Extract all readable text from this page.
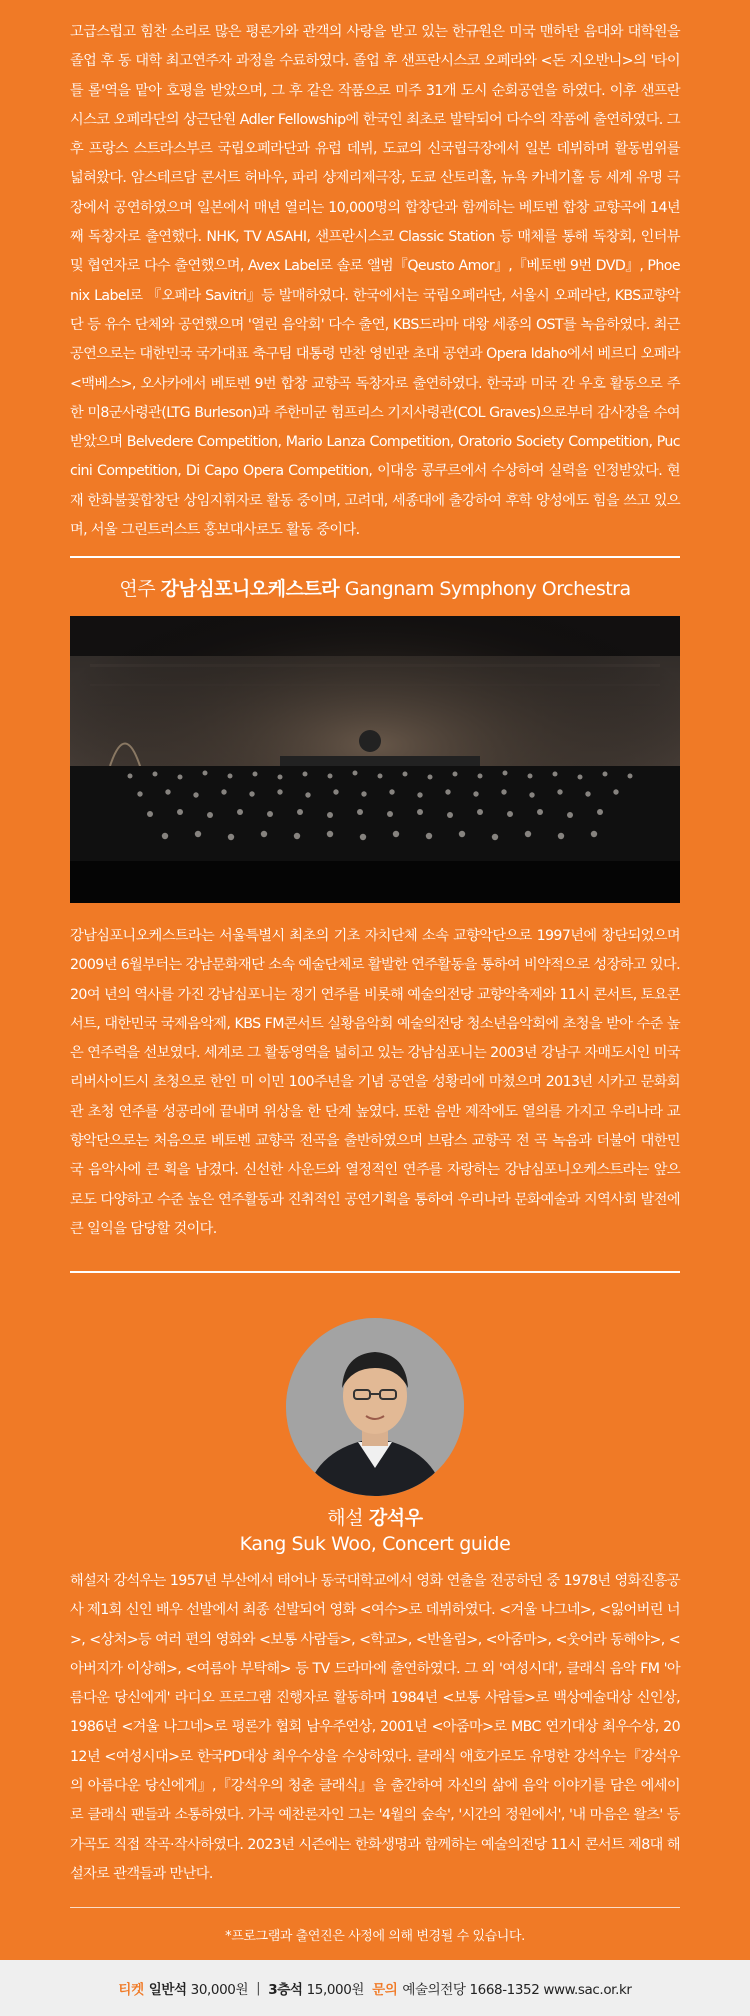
고급스럽고 힘찬 소리로 많은 평론가와 관객의 사랑을 받고 있는 한규원은 미국 맨하탄 음대와 대학원을 졸업 후 동 대학 최고연주자 과정을 수료하였다. 졸업 후 샌프란시스코 오페라와 <돈 지오반니>의 '타이틀 롤'역을 맡아 호평을 받았으며, 그 후 같은 작품으로 미주 31개 도시 순회공연을 하였다. 이후 샌프란시스코 오페라단의 상근단원 Adler Fellowship에 한국인 최초로 발탁되어 다수의 작품에 출연하였다. 그 후 프랑스 스트라스부르 국립오페라단과 유럽 데뷔, 도쿄의 신국립극장에서 일본 데뷔하며 활동범위를 넓혀왔다. 암스테르담 콘서트 허바우, 파리 샹제리제극장, 도쿄 산토리홀, 뉴욕 카네기홀 등 세계 유명 극장에서 공연하였으며 일본에서 매년 열리는 10,000명의 합창단과 함께하는 베토벤 합창 교향곡에 14년째 독창자로 출연했다. NHK, TV ASAHI, 샌프란시스코 Classic Station 등 매체를 통해 독창회, 인터뷰 및 협연자로 다수 출연했으며, Avex Label로 솔로 앨범『Qeusto Amor』,『베토벤 9번 DVD』, Phoenix Label로 『오페라 Savitri』등 발매하였다. 한국에서는 국립오페라단, 서울시 오페라단, KBS교향악단 등 유수 단체와 공연했으며 '열린 음악회' 다수 출연, KBS드라마 대왕 세종의 OST를 녹음하였다. 최근 공연으로는 대한민국 국가대표 축구팀 대통령 만찬 영빈관 초대 공연과 Opera Idaho에서 베르디 오페라 <맥베스>, 오사카에서 베토벤 9번 합창 교향곡 독창자로 출연하였다. 한국과 미국 간 우호 활동으로 주한 미8군사령관(LTG Burleson)과 주한미군 험프리스 기지사령관(COL Graves)으로부터 감사장을 수여받았으며 Belvedere Competition, Mario Lanza Competition, Oratorio Society Competition, Puccini Competition, Di Capo Opera Competition, 이대웅 콩쿠르에서 수상하여 실력을 인정받았다. 현재 한화불꽃합창단 상임지휘자로 활동 중이며, 고려대, 세종대에 출강하여 후학 양성에도 힘을 쓰고 있으며, 서울 그린트러스트 홍보대사로도 활동 중이다.

연주 강남심포니오케스트라 Gangnam Symphony Orchestra

강남심포니오케스트라는 서울특별시 최초의 기초 자치단체 소속 교향악단으로 1997년에 창단되었으며 2009년 6월부터는 강남문화재단 소속 예술단체로 활발한 연주활동을 통하여 비약적으로 성장하고 있다. 20여 년의 역사를 가진 강남심포니는 정기 연주를 비롯해 예술의전당 교향악축제와 11시 콘서트, 토요콘서트, 대한민국 국제음악제, KBS FM콘서트 실황음악회 예술의전당 청소년음악회에 초청을 받아 수준 높은 연주력을 선보였다. 세계로 그 활동영역을 넓히고 있는 강남심포니는 2003년 강남구 자매도시인 미국 리버사이드시 초청으로 한인 미 이민 100주년을 기념 공연을 성황리에 마쳤으며 2013년 시카고 문화회관 초청 연주를 성공리에 끝내며 위상을 한 단계 높였다. 또한 음반 제작에도 열의를 가지고 우리나라 교향악단으로는 처음으로 베토벤 교향곡 전곡을 출반하였으며 브람스 교향곡 전 곡 녹음과 더불어 대한민국 음악사에 큰 획을 남겼다. 신선한 사운드와 열정적인 연주를 자랑하는 강남심포니오케스트라는 앞으로도 다양하고 수준 높은 연주활동과 진취적인 공연기획을 통하여 우리나라 문화예술과 지역사회 발전에 큰 일익을 담당할 것이다.

해설 강석우
Kang Suk Woo, Concert guide

해설자 강석우는 1957년 부산에서 태어나 동국대학교에서 영화 연출을 전공하던 중 1978년 영화진흥공사 제1회 신인 배우 선발에서 최종 선발되어 영화 <여수>로 데뷔하였다. <겨울 나그네>, <잃어버린 너>, <상처>등 여러 편의 영화와 <보통 사람들>, <학교>, <반올림>, <아줌마>, <웃어라 동해야>, <아버지가 이상해>, <여름아 부탁해> 등 TV 드라마에 출연하였다. 그 외 '여성시대', 클래식 음악 FM '아름다운 당신에게' 라디오 프로그램 진행자로 활동하며 1984년 <보통 사람들>로 백상예술대상 신인상, 1986년 <겨울 나그네>로 평론가 협회 남우주연상, 2001년 <아줌마>로 MBC 연기대상 최우수상, 2012년 <여성시대>로 한국PD대상 최우수상을 수상하였다. 클래식 애호가로도 유명한 강석우는『강석우의 아름다운 당신에게』,『강석우의 청춘 클래식』을 출간하여 자신의 삶에 음악 이야기를 담은 에세이로 클래식 팬들과 소통하였다. 가곡 예찬론자인 그는 '4월의 숲속', '시간의 정원에서', '내 마음은 왈츠' 등 가곡도 직접 작곡·작사하였다. 2023년 시즌에는 한화생명과 함께하는 예술의전당 11시 콘서트 제8대 해설자로 관객들과 만난다.

*프로그램과 출연진은 사정에 의해 변경될 수 있습니다.
티켓 일반석 30,000원 | 3층석 15,000원 문의 예술의전당 1668-1352 www.sac.or.kr
